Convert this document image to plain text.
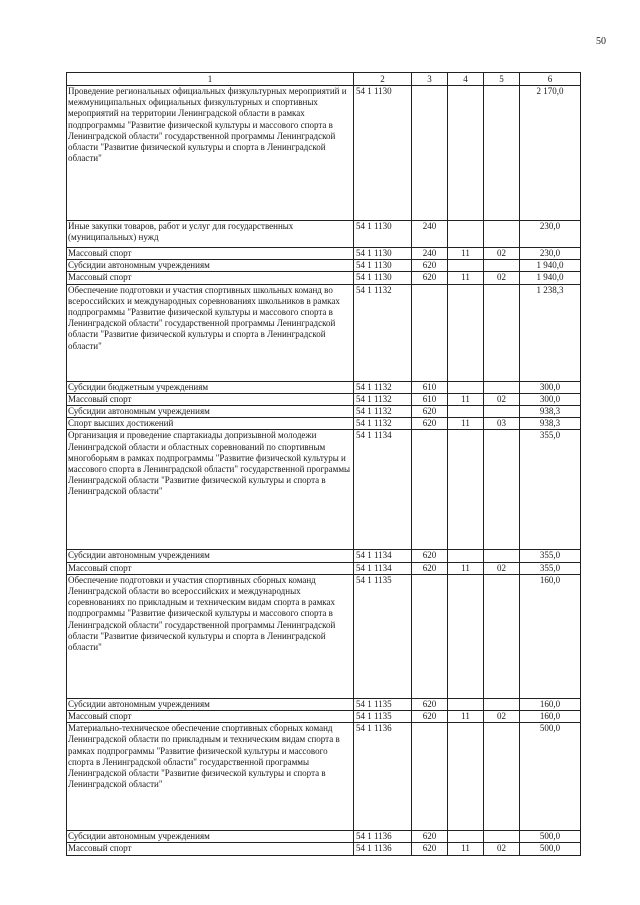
50
1	2	3	4	5	6
Проведение региональных официальных физкультурных мероприятий и межмуниципальных официальных физкультурных и спортивных мероприятий на территории Ленинградской области в рамках подпрограммы "Развитие физической культуры и массового спорта в Ленинградской области" государственной программы Ленинградской области "Развитие физической культуры и спорта в Ленинградской области"	54 1 1130				2 170,0
Иные закупки товаров, работ и услуг для государственных (муниципальных) нужд	54 1 1130	240			230,0
Массовый спорт	54 1 1130	240	11	02	230,0
Субсидии автономным учреждениям	54 1 1130	620			1 940,0
Массовый спорт	54 1 1130	620	11	02	1 940,0
Обеспечение подготовки и участия спортивных школьных команд во всероссийских и международных соревнованиях школьников в рамках подпрограммы "Развитие физической культуры и массового спорта в Ленинградской области" государственной программы Ленинградской области "Развитие физической культуры и спорта в Ленинградской области"	54 1 1132				1 238,3
Субсидии бюджетным учреждениям	54 1 1132	610			300,0
Массовый спорт	54 1 1132	610	11	02	300,0
Субсидии автономным учреждениям	54 1 1132	620			938,3
Спорт высших достижений	54 1 1132	620	11	03	938,3
Организация и проведение спартакиады допризывной молодежи Ленинградской области и областных соревнований по спортивным многоборьям в рамках подпрограммы "Развитие физической культуры и массового спорта в Ленинградской области" государственной программы Ленинградской области "Развитие физической культуры и спорта в Ленинградской области"	54 1 1134				355,0
Субсидии автономным учреждениям	54 1 1134	620			355,0
Массовый спорт	54 1 1134	620	11	02	355,0
Обеспечение подготовки и участия спортивных сборных команд Ленинградской области во всероссийских и международных соревнованиях по прикладным и техническим видам спорта в рамках подпрограммы "Развитие физической культуры и массового спорта в Ленинградской области" государственной программы Ленинградской области "Развитие физической культуры и спорта в Ленинградской области"	54 1 1135				160,0
Субсидии автономным учреждениям	54 1 1135	620			160,0
Массовый спорт	54 1 1135	620	11	02	160,0
Материально-техническое обеспечение спортивных сборных команд Ленинградской области по прикладным и техническим видам спорта в рамках подпрограммы "Развитие физической культуры и массового спорта в Ленинградской области" государственной программы Ленинградской области "Развитие физической культуры и спорта в Ленинградской области"	54 1 1136				500,0
Субсидии автономным учреждениям	54 1 1136	620			500,0
Массовый спорт	54 1 1136	620	11	02	500,0
